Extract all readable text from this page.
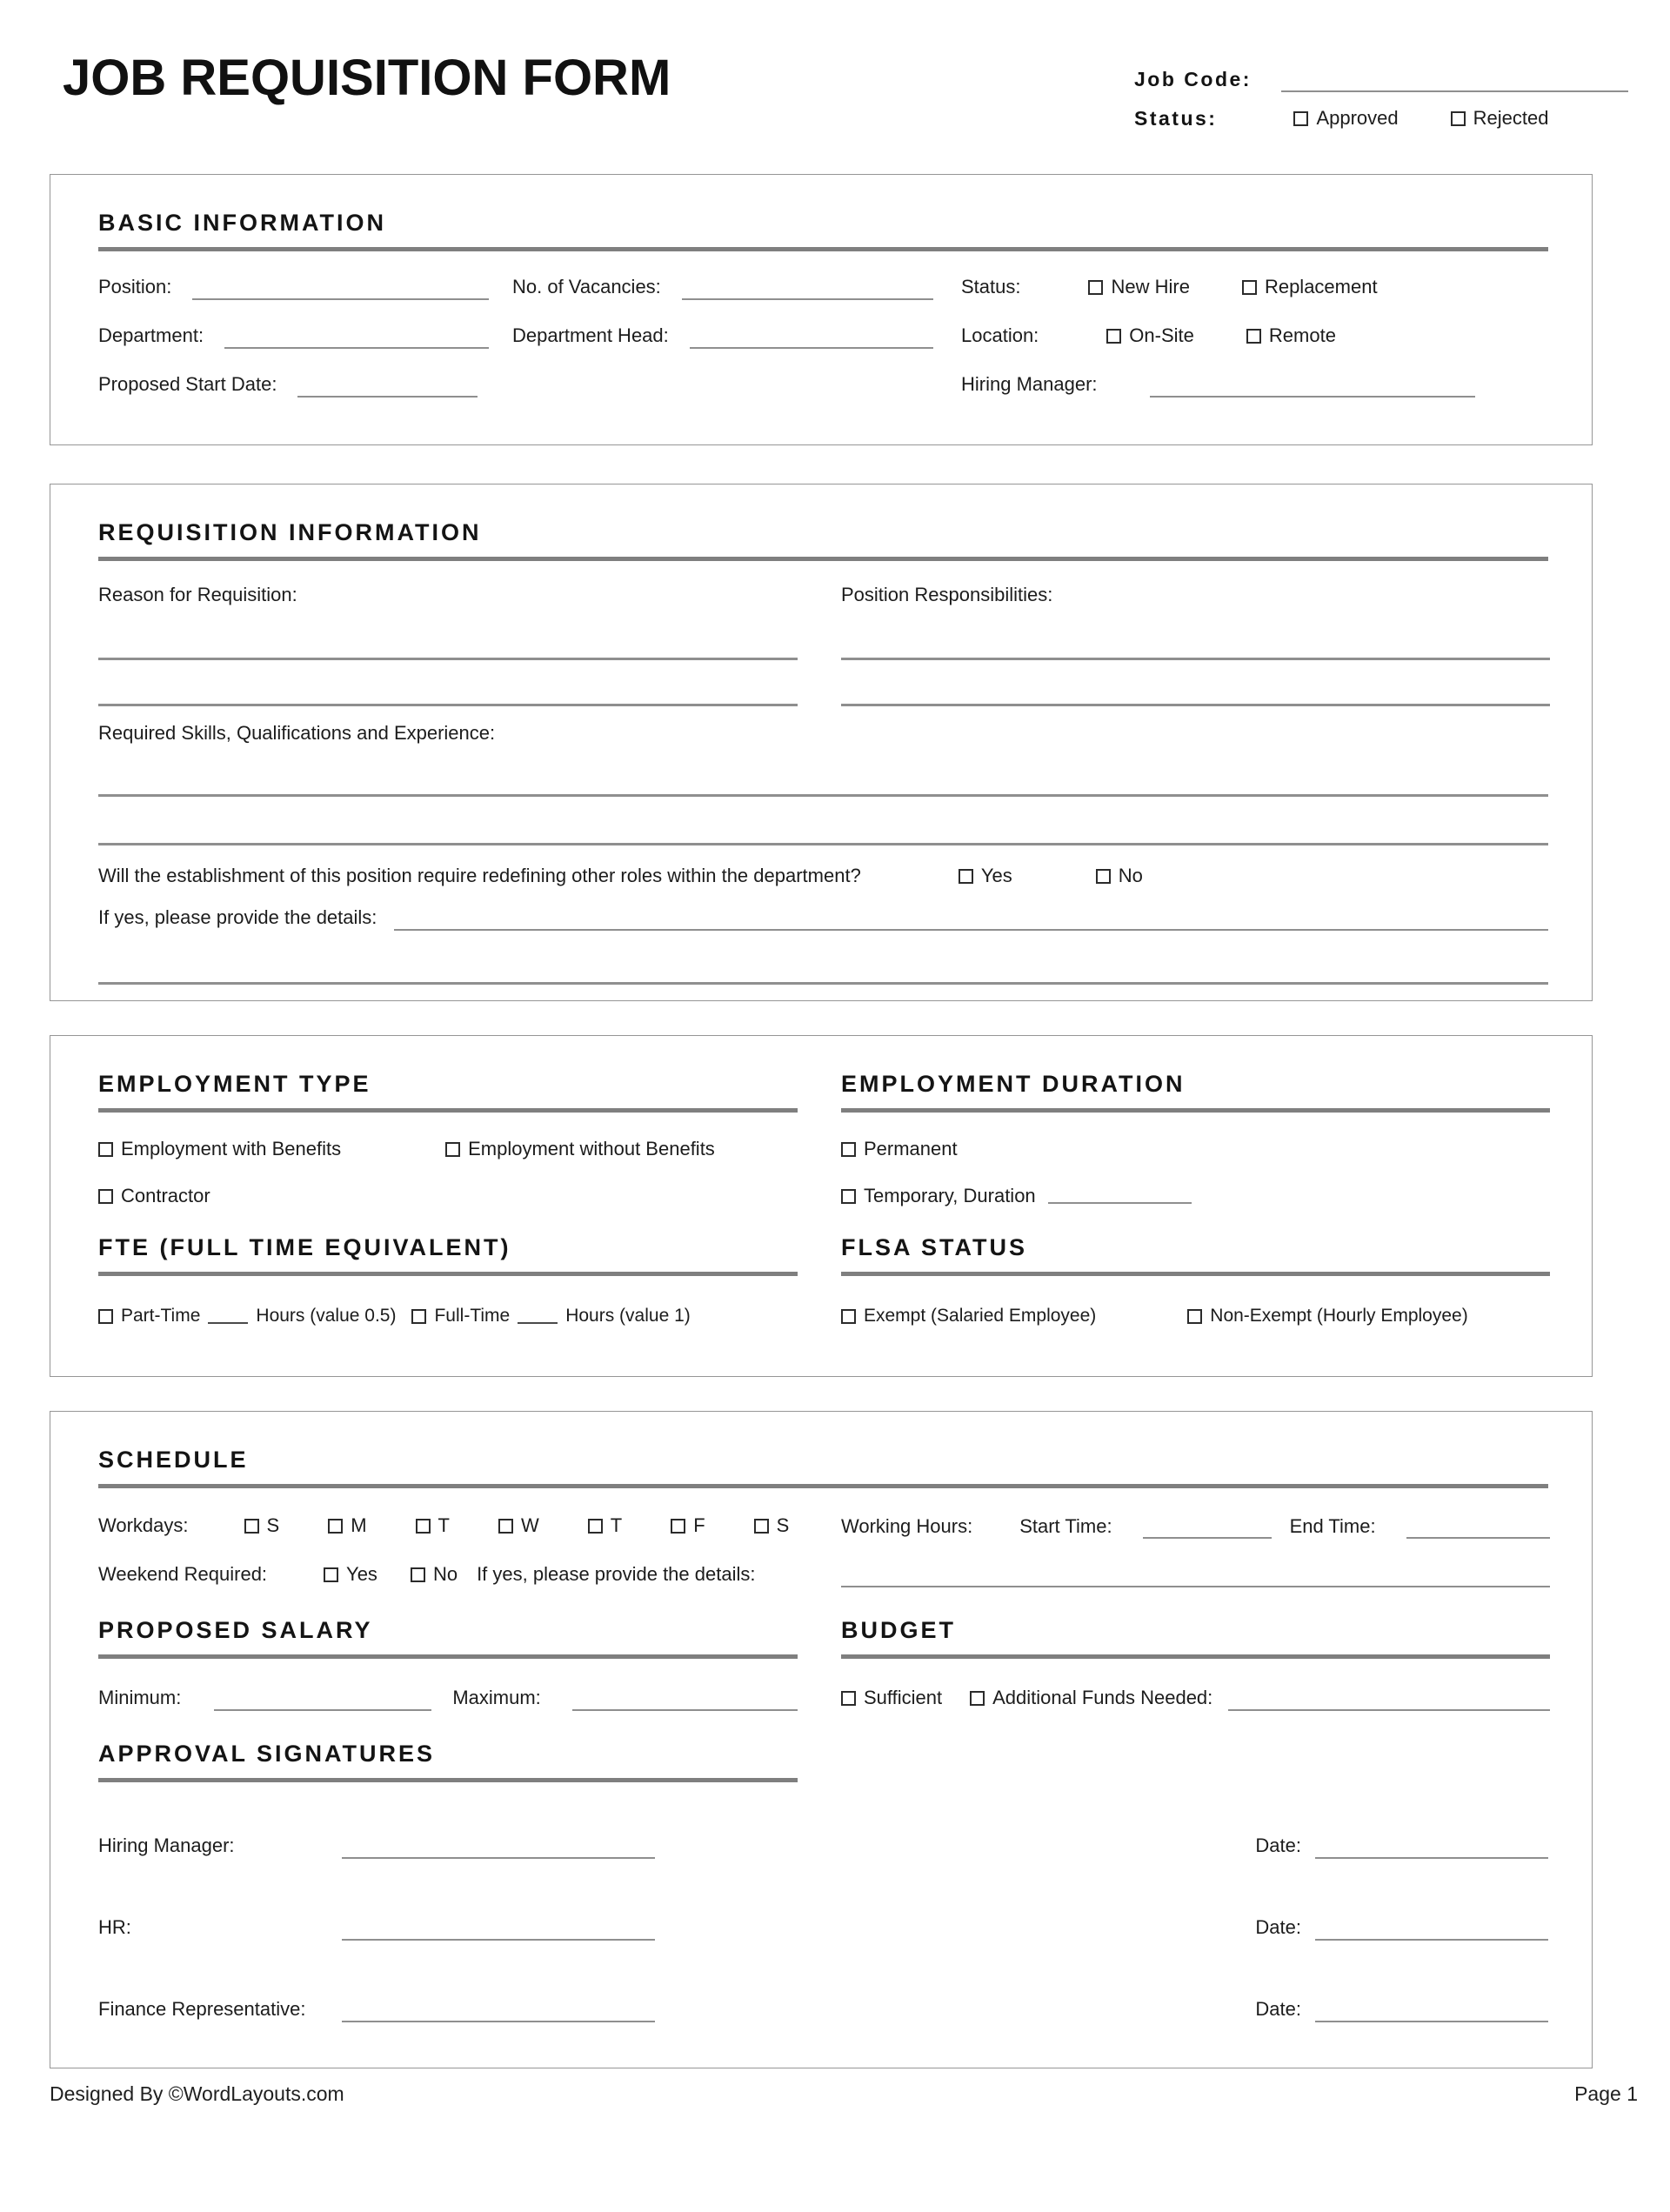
JOB REQUISITION FORM	Job Code:
Status:	Approved	Rejected
BASIC INFORMATION
Position:	No. of Vacancies:	Status:	New Hire	Replacement
Department:	Department Head:	Location:	On-Site	Remote
Proposed Start Date:	Hiring Manager:
REQUISITION INFORMATION
Reason for Requisition:	Position Responsibilities:
Required Skills, Qualifications and Experience:
Will the establishment of this position require redefining other roles within the department?	Yes	No
If yes, please provide the details:
EMPLOYMENT TYPE	EMPLOYMENT DURATION
Employment with Benefits	Employment without Benefits	Permanent
Contractor	Temporary, Duration
FTE (FULL TIME EQUIVALENT)	FLSA STATUS
Part-Time	Hours (value 0.5) Full-Time	Hours (value 1)	Exempt (Salaried Employee)	Non-Exempt (Hourly Employee)
SCHEDULE
Workdays:	S	M	T	W	T	F	S	Working Hours: Start Time:	End Time:
Weekend Required:	Yes	No If yes, please provide the details:
PROPOSED SALARY	BUDGET
Minimum:	Maximum:	Sufficient	Additional Funds Needed:
APPROVAL SIGNATURES
Hiring Manager:	Date:
HR:	Date:
Finance Representative:	Date:
Designed By ©WordLayouts.com	Page 1
